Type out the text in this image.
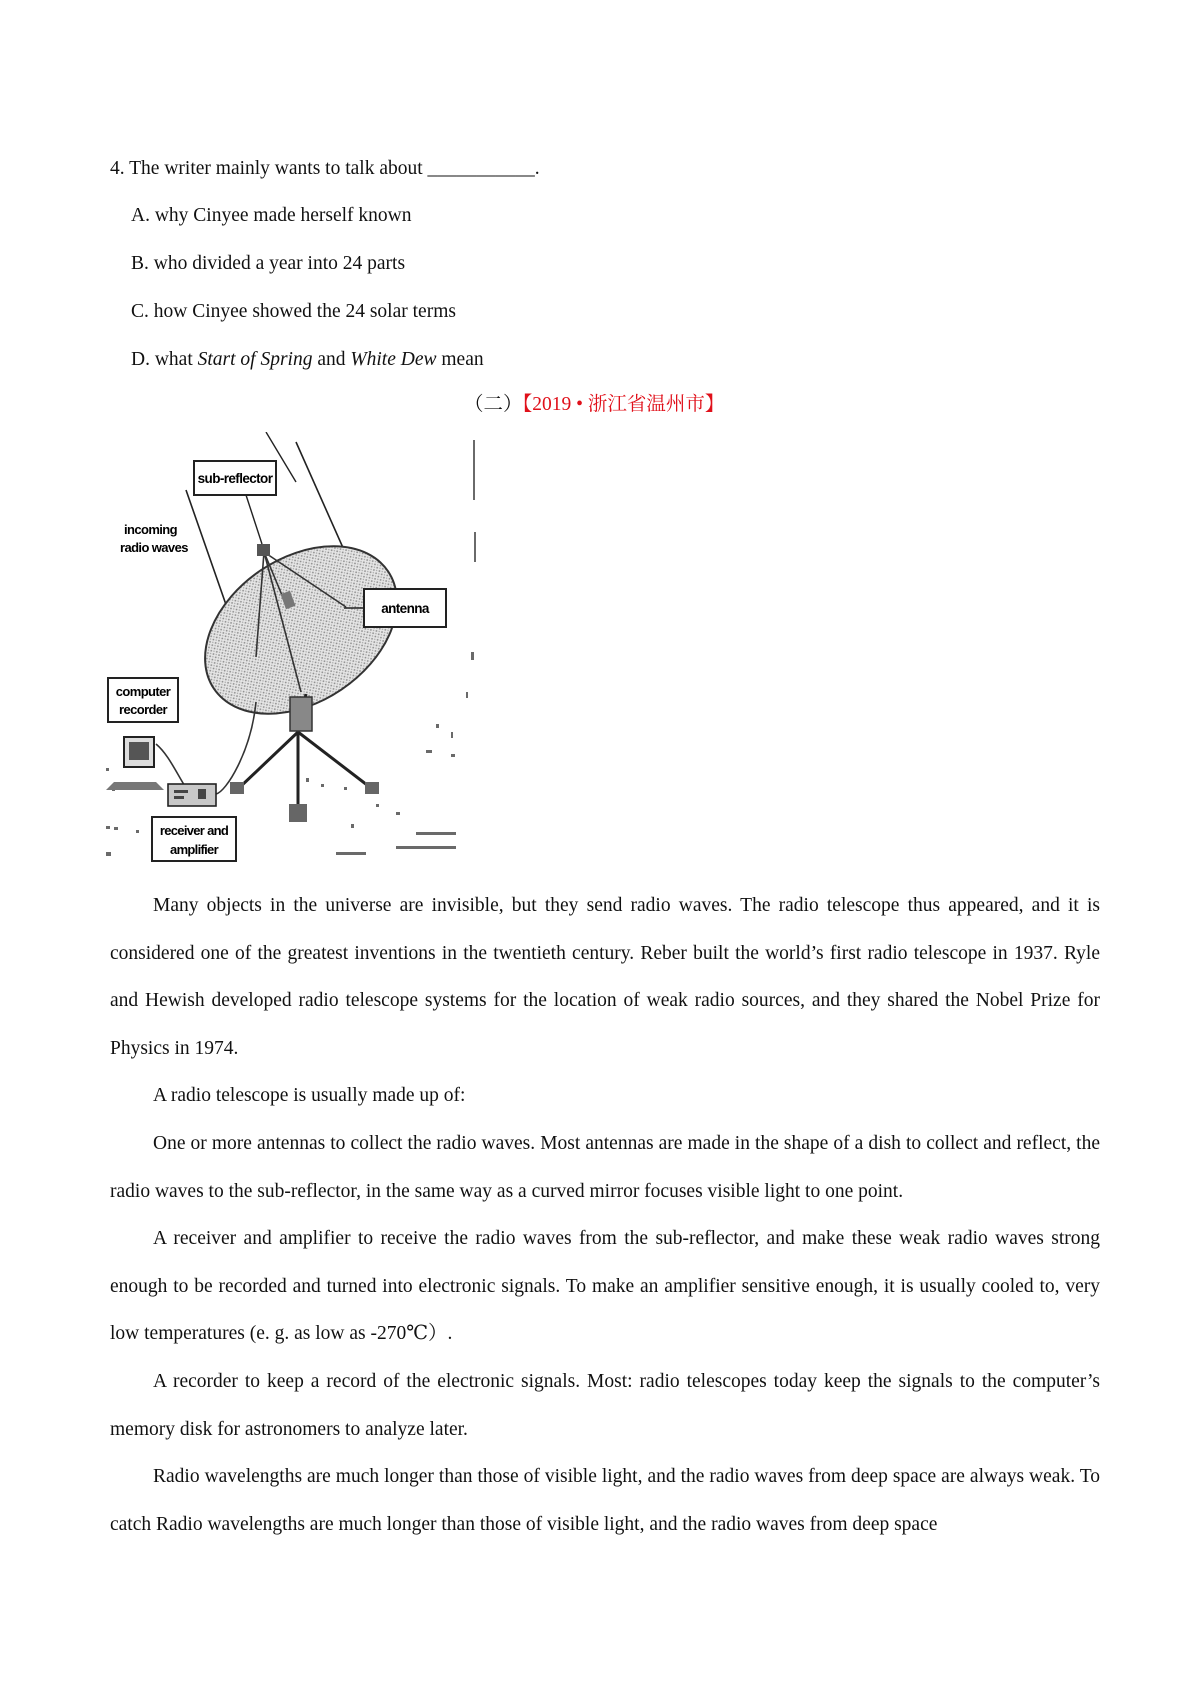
4. The writer mainly wants to talk about ___________.
A. why Cinyee made herself known
B. who divided a year into 24 parts
C. how Cinyee showed the 24 solar terms
D. what Start of Spring and White Dew mean
（二）【2019 • 浙江省温州市】
sub-reflector
incoming
radio waves
antenna
computer
recorder
receiver and
amplifier

Many objects in the universe are invisible, but they send radio waves. The radio telescope thus appeared, and it is considered one of the greatest inventions in the twentieth century. Reber built the world’s first radio telescope in 1937. Ryle and Hewish developed radio telescope systems for the location of weak radio sources, and they shared the Nobel Prize for Physics in 1974.

A radio telescope is usually made up of:

One or more antennas to collect the radio waves. Most antennas are made in the shape of a dish to collect and reflect, the radio waves to the sub-reflector, in the same way as a curved mirror focuses visible light to one point.

A receiver and amplifier to receive the radio waves from the sub-reflector, and make these weak radio waves strong enough to be recorded and turned into electronic signals. To make an amplifier sensitive enough, it is usually cooled to, very low temperatures (e. g. as low as -270℃）.

A recorder to keep a record of the electronic signals. Most: radio telescopes today keep the signals to the computer’s memory disk for astronomers to analyze later.

Radio wavelengths are much longer than those of visible light, and the radio waves from deep space are always weak. To catch Radio wavelengths are much longer than those of visible light, and the radio waves from deep space
